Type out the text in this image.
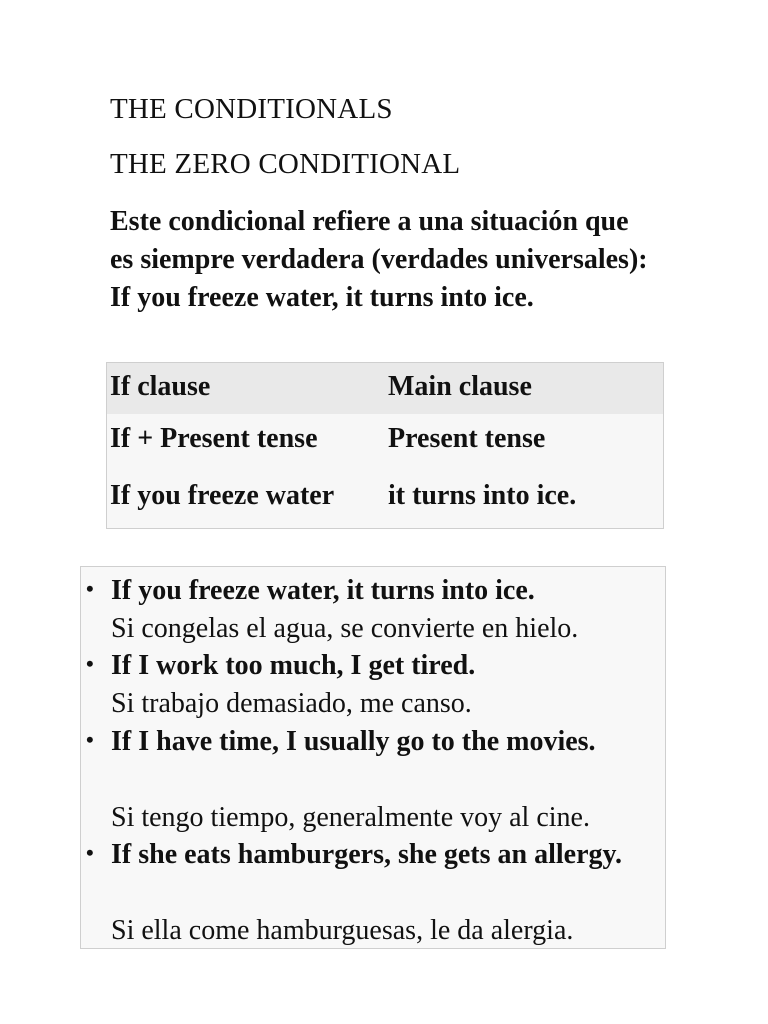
THE CONDITIONALS
THE ZERO CONDITIONAL
Este condicional refiere a una situación que es siempre verdadera (verdades universales): If you freeze water, it turns into ice.
If clause	Main clause
If + Present tense	Present tense
If you freeze water it turns into ice.
• If you freeze water, it turns into ice.
Si congelas el agua, se convierte en hielo.
• If I work too much, I get tired.
Si trabajo demasiado, me canso.
• If I have time, I usually go to the movies.
Si tengo tiempo, generalmente voy al cine.
• If she eats hamburgers, she gets an allergy.
Si ella come hamburguesas, le da alergia.
